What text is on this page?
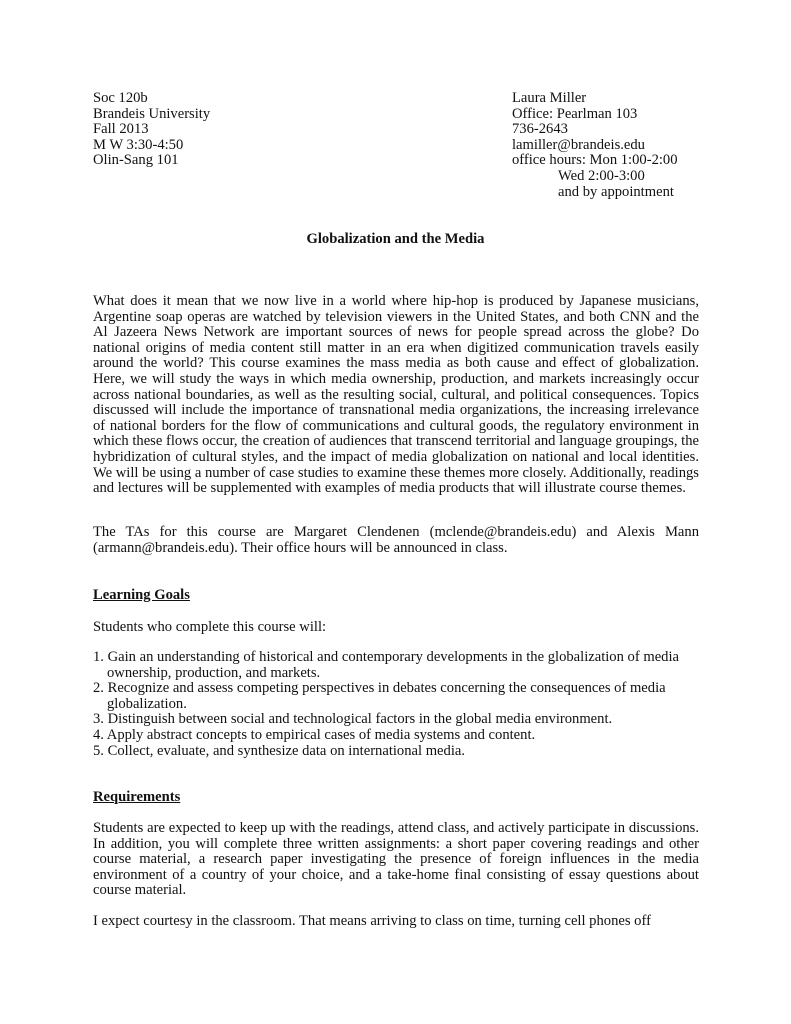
Soc 120b
Brandeis University
Fall 2013
M W 3:30-4:50
Olin-Sang 101
Laura Miller
Office: Pearlman 103
736-2643
lamiller@brandeis.edu
office hours: Mon 1:00-2:00
Wed 2:00-3:00
and by appointment
Globalization and the Media

What does it mean that we now live in a world where hip-hop is produced by Japanese musicians, Argentine soap operas are watched by television viewers in the United States, and both CNN and the Al Jazeera News Network are important sources of news for people spread across the globe? Do national origins of media content still matter in an era when digitized communication travels easily around the world? This course examines the mass media as both cause and effect of globalization. Here, we will study the ways in which media ownership, production, and markets increasingly occur across national boundaries, as well as the resulting social, cultural, and political consequences. Topics discussed will include the importance of transnational media organizations, the increasing irrelevance of national borders for the flow of communications and cultural goods, the regulatory environment in which these flows occur, the creation of audiences that transcend territorial and language groupings, the hybridization of cultural styles, and the impact of media globalization on national and local identities. We will be using a number of case studies to examine these themes more closely. Additionally, readings and lectures will be supplemented with examples of media products that will illustrate course themes.

The TAs for this course are Margaret Clendenen (mclende@brandeis.edu) and Alexis Mann (armann@brandeis.edu). Their office hours will be announced in class.

Learning Goals

Students who complete this course will:

1. Gain an understanding of historical and contemporary developments in the globalization of media ownership, production, and markets.
2. Recognize and assess competing perspectives in debates concerning the consequences of media globalization.
3. Distinguish between social and technological factors in the global media environment.
4. Apply abstract concepts to empirical cases of media systems and content.
5. Collect, evaluate, and synthesize data on international media.
Requirements

Students are expected to keep up with the readings, attend class, and actively participate in discussions. In addition, you will complete three written assignments: a short paper covering readings and other course material, a research paper investigating the presence of foreign influences in the media environment of a country of your choice, and a take-home final consisting of essay questions about course material.

I expect courtesy in the classroom. That means arriving to class on time, turning cell phones off
